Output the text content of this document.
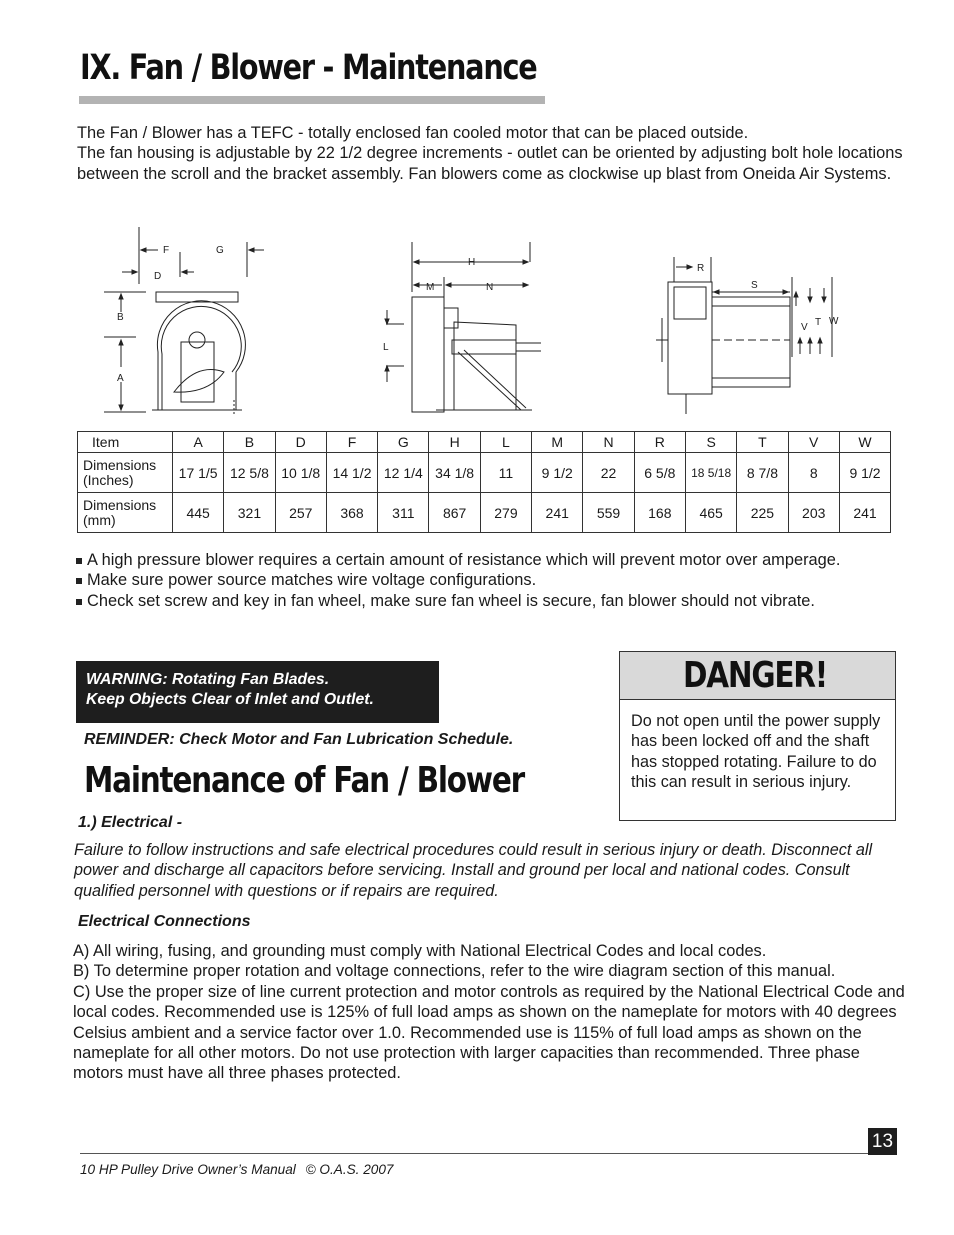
IX. Fan / Blower - Maintenance

The Fan / Blower has a TEFC - totally enclosed fan cooled motor that can be placed outside.

The fan housing is adjustable by 22 1/2 degree increments - outlet can be oriented by adjusting bolt hole locations between the scroll and the bracket assembly. Fan blowers come as clockwise up blast from Oneida Air Systems.

F	G
D
B
A
H
M	N
L
R
S
V T W
Item	A	B	D	F	G	H	L	M	N	R	S	T	V	W
Dimensions (Inches)	17 1/5	12 5/8	10 1/8	14 1/2	12 1/4	34 1/8	11	9 1/2	22	6 5/8	18 5/18	8 7/8	8	9 1/2
Dimensions (mm)	445	321	257	368	311	867	279	241	559	168	465	225	203	241
A high pressure blower requires a certain amount of resistance which will prevent motor over amperage.
Make sure power source matches wire voltage configurations.
Check set screw and key in fan wheel, make sure fan wheel is secure, fan blower should not vibrate.
WARNING: Rotating Fan Blades.
Keep Objects Clear of Inlet and Outlet.
REMINDER: Check Motor and Fan Lubrication Schedule.
Maintenance of Fan / Blower
DANGER!
Do not open until the power supply has been locked off and the shaft has stopped rotating. Failure to do this can result in serious injury.
1.) Electrical -
Failure to follow instructions and safe electrical procedures could result in serious injury or death. Disconnect all power and discharge all capacitors before servicing. Install and ground per local and national codes. Consult qualified personnel with questions or if repairs are required.
Electrical Connections

A) All wiring, fusing, and grounding must comply with National Electrical Codes and local codes.

B) To determine proper rotation and voltage connections, refer to the wire diagram section of this manual.

C) Use the proper size of line current protection and motor controls as required by the National Electrical Code and local codes. Recommended use is 125% of full load amps as shown on the nameplate for motors with 40 degrees Celsius ambient and a service factor over 1.0. Recommended use is 115% of full load amps as shown on the nameplate for all other motors. Do not use protection with larger capacities than recommended. Three phase motors must have all three phases protected.

13
10 HP Pulley Drive Owner’s Manual © O.A.S. 2007
